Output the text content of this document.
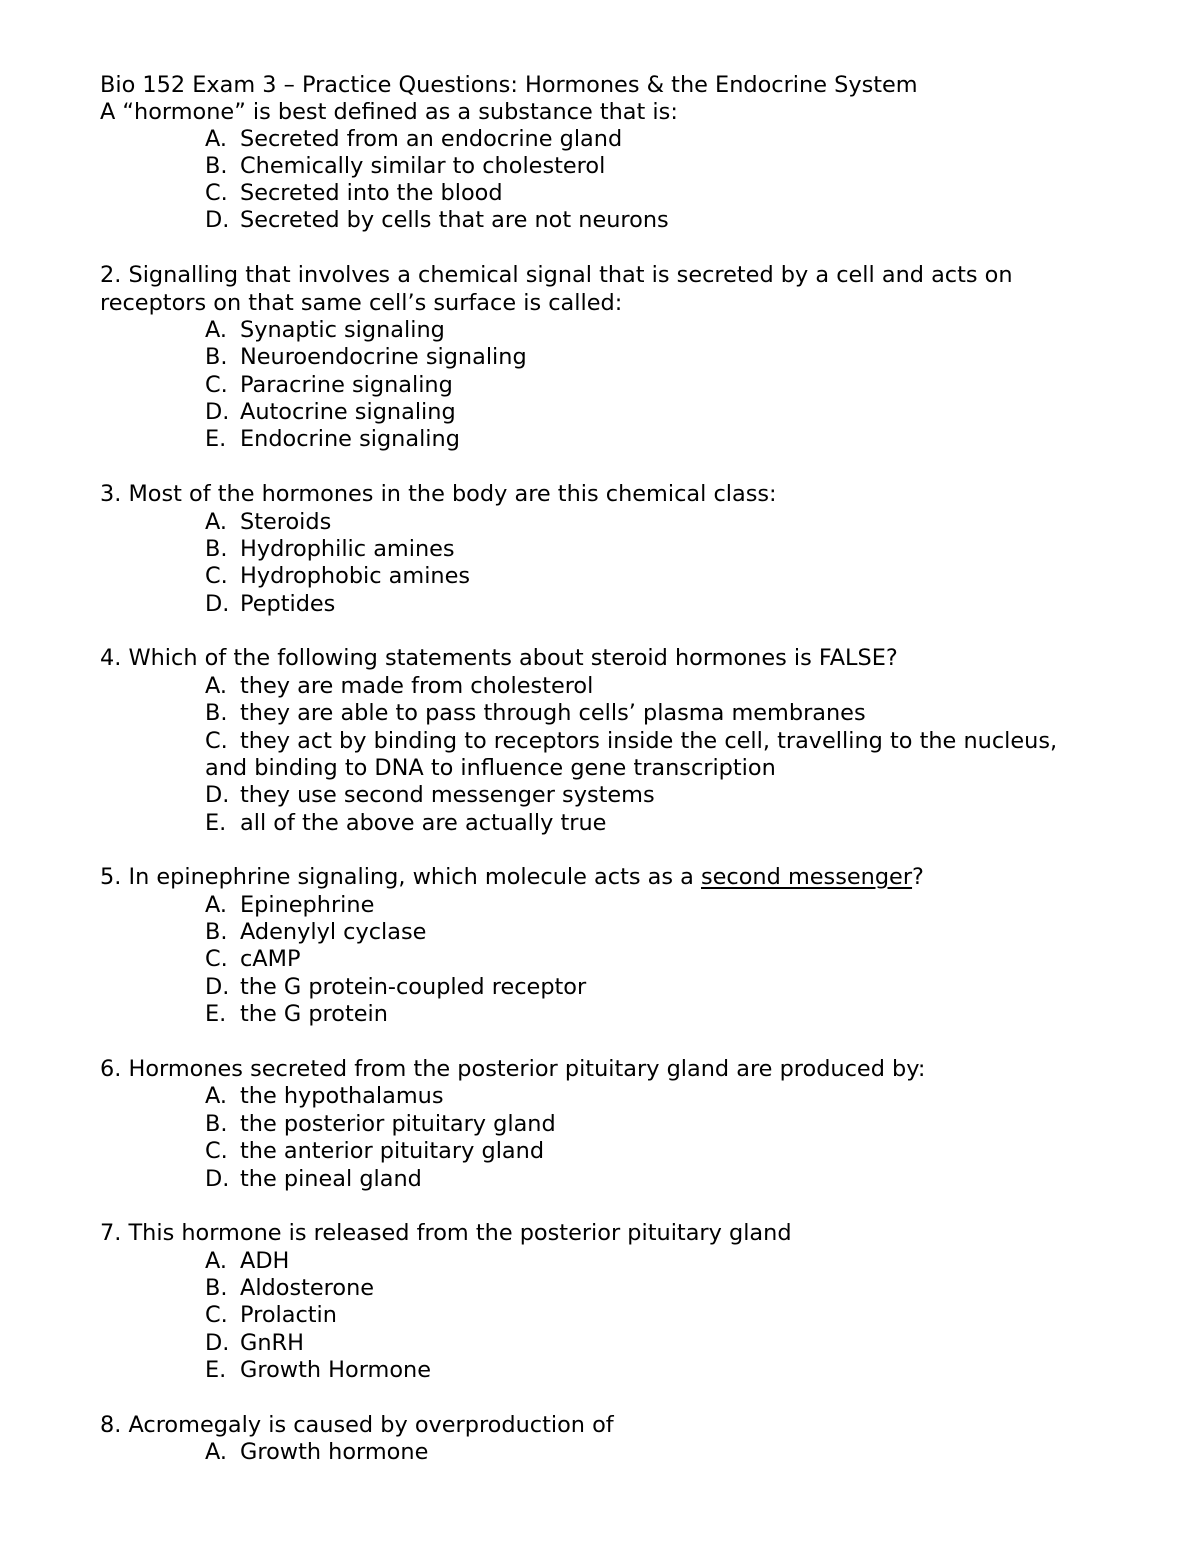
Bio 152 Exam 3 – Practice Questions: Hormones & the Endocrine System
A “hormone” is best defined as a substance that is:
A. Secreted from an endocrine gland
B. Chemically similar to cholesterol
C. Secreted into the blood
D. Secreted by cells that are not neurons
2. Signalling that involves a chemical signal that is secreted by a cell and acts on
receptors on that same cell’s surface is called:
A. Synaptic signaling
B. Neuroendocrine signaling
C. Paracrine signaling
D. Autocrine signaling
E. Endocrine signaling
3. Most of the hormones in the body are this chemical class:
A. Steroids
B. Hydrophilic amines
C. Hydrophobic amines
D. Peptides
4. Which of the following statements about steroid hormones is FALSE?
A. they are made from cholesterol
B. they are able to pass through cells’ plasma membranes
C. they act by binding to receptors inside the cell, travelling to the nucleus,
and binding to DNA to influence gene transcription
D. they use second messenger systems
E. all of the above are actually true
5. In epinephrine signaling, which molecule acts as a second messenger?
A. Epinephrine
B. Adenylyl cyclase
C. cAMP
D. the G protein-coupled receptor
E. the G protein
6. Hormones secreted from the posterior pituitary gland are produced by:
A. the hypothalamus
B. the posterior pituitary gland
C. the anterior pituitary gland
D. the pineal gland
7. This hormone is released from the posterior pituitary gland
A. ADH
B. Aldosterone
C. Prolactin
D. GnRH
E. Growth Hormone
8. Acromegaly is caused by overproduction of
A. Growth hormone
